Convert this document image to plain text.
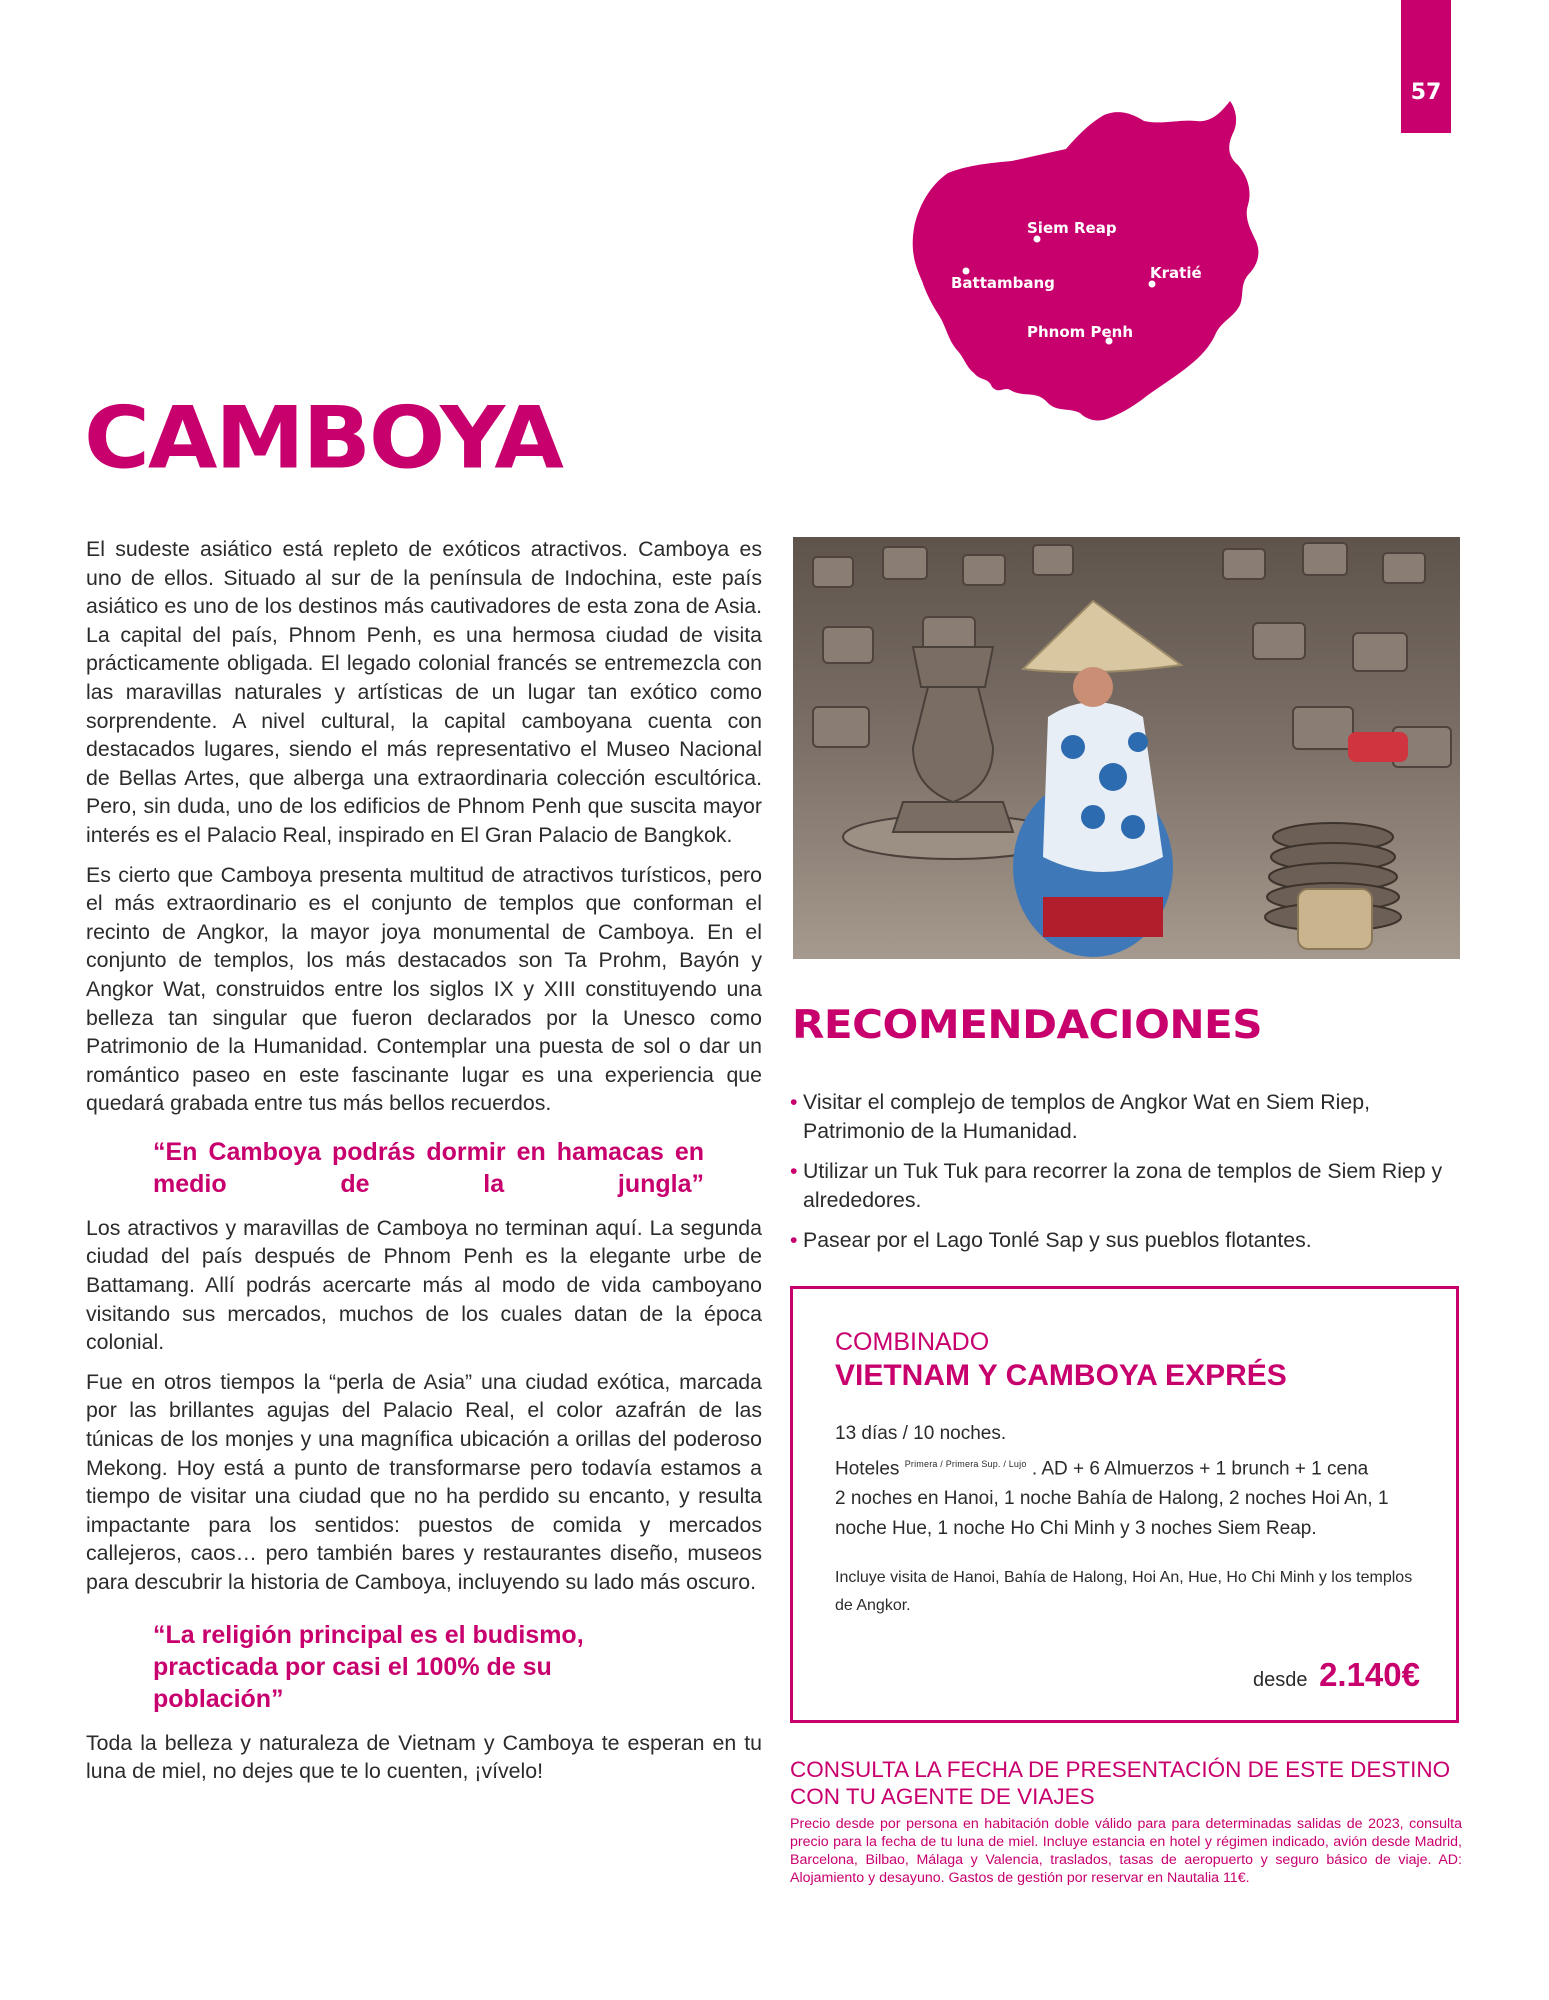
57
Siem Reap
Battambang
Kratié
Phnom Penh
CAMBOYA

El sudeste asiático está repleto de exóticos atractivos. Camboya es uno de ellos. Situado al sur de la península de Indochina, este país asiático es uno de los destinos más cautivadores de esta zona de Asia. La capital del país, Phnom Penh, es una hermosa ciudad de visita prácticamente obligada. El legado colonial francés se entremezcla con las maravillas naturales y artísticas de un lugar tan exótico como sorprendente. A nivel cultural, la capital camboyana cuenta con destacados lugares, siendo el más representativo el Museo Nacional de Bellas Artes, que alberga una extraordinaria colección escultórica. Pero, sin duda, uno de los edificios de Phnom Penh que suscita mayor interés es el Palacio Real, inspirado en El Gran Palacio de Bangkok.

Es cierto que Camboya presenta multitud de atractivos turísticos, pero el más extraordinario es el conjunto de templos que conforman el recinto de Angkor, la mayor joya monumental de Camboya. En el conjunto de templos, los más destacados son Ta Prohm, Bayón y Angkor Wat, construidos entre los siglos IX y XIII constituyendo una belleza tan singular que fueron declarados por la Unesco como Patrimonio de la Humanidad. Contemplar una puesta de sol o dar un romántico paseo en este fascinante lugar es una experiencia que quedará grabada entre tus más bellos recuerdos.

“En Camboya podrás dormir en hamacas en medio de la jungla”

Los atractivos y maravillas de Camboya no terminan aquí. La segunda ciudad del país después de Phnom Penh es la elegante urbe de Battamang. Allí podrás acercarte más al modo de vida camboyano visitando sus mercados, muchos de los cuales datan de la época colonial.

Fue en otros tiempos la “perla de Asia” una ciudad exótica, marcada por las brillantes agujas del Palacio Real, el color azafrán de las túnicas de los monjes y una magnífica ubicación a orillas del poderoso Mekong. Hoy está a punto de transformarse pero todavía estamos a tiempo de visitar una ciudad que no ha perdido su encanto, y resulta impactante para los sentidos: puestos de comida y mercados callejeros, caos… pero también bares y restaurantes diseño, museos para descubrir la historia de Camboya, incluyendo su lado más oscuro.

“La religión principal es el budismo, practicada por casi el 100% de su población”

Toda la belleza y naturaleza de Vietnam y Camboya te esperan en tu luna de miel, no dejes que te lo cuenten, ¡vívelo!

RECOMENDACIONES
• Visitar el complejo de templos de Angkor Wat en Siem Riep, Patrimonio de la Humanidad.
• Utilizar un Tuk Tuk para recorrer la zona de templos de Siem Riep y alrededores.
• Pasear por el Lago Tonlé Sap y sus pueblos flotantes.
COMBINADO
VIETNAM Y CAMBOYA EXPRÉS
13 días / 10 noches.
Hoteles $^{Primera / Primera Sup. / Lujo}$ . AD + 6 Almuerzos + 1 brunch + 1 cena
2 noches en Hanoi, 1 noche Bahía de Halong, 2 noches Hoi An, 1 noche Hue, 1 noche Ho Chi Minh y 3 noches Siem Reap.
Incluye visita de Hanoi, Bahía de Halong, Hoi An, Hue, Ho Chi Minh y los templos de Angkor.
desde 2.140€
CONSULTA LA FECHA DE PRESENTACIÓN DE ESTE DESTINO CON TU AGENTE DE VIAJES
Precio desde por persona en habitación doble válido para para determinadas salidas de 2023, consulta precio para la fecha de tu luna de miel. Incluye estancia en hotel y régimen indicado, avión desde Madrid, Barcelona, Bilbao, Málaga y Valencia, traslados, tasas de aeropuerto y seguro básico de viaje. AD: Alojamiento y desayuno. Gastos de gestión por reservar en Nautalia 11€.
